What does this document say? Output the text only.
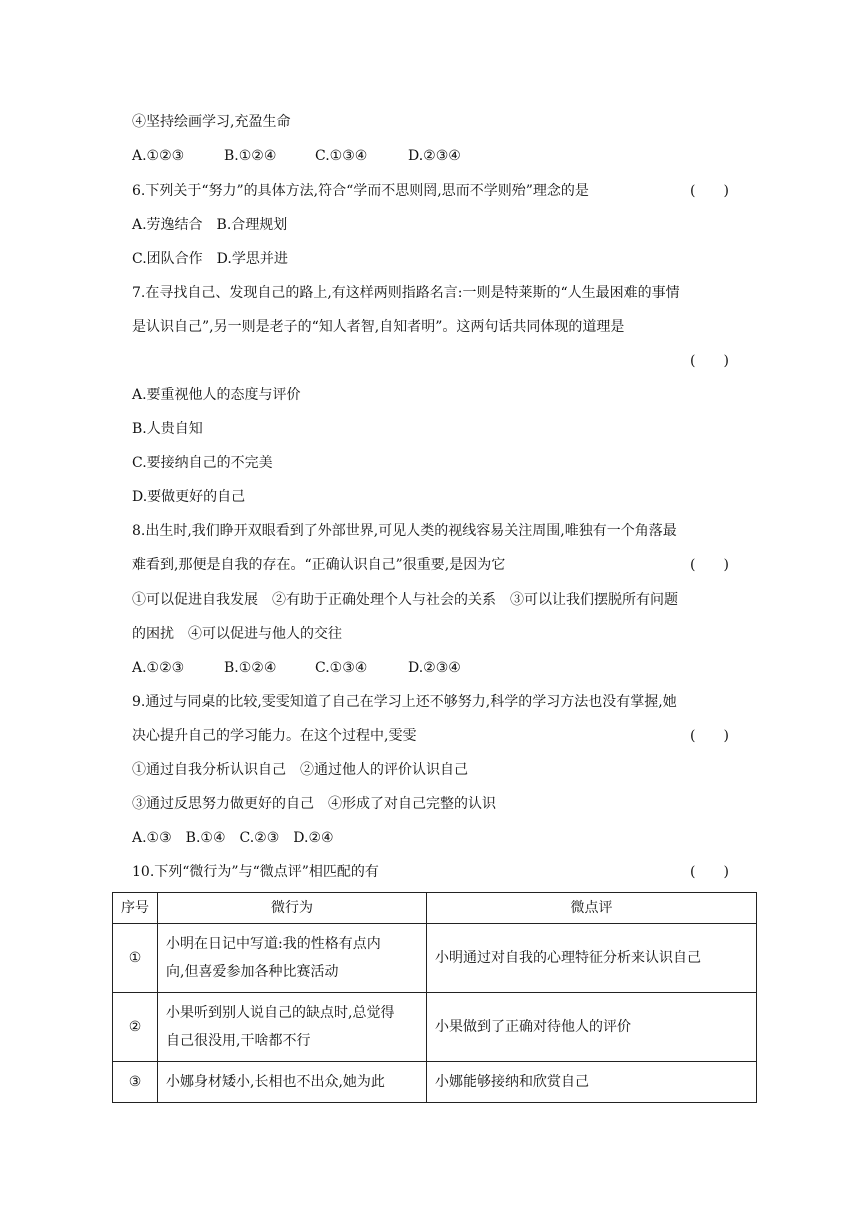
④坚持绘画学习,充盈生命
A.①②③	B.①②④	C.①③④	D.②③④
6.下列关于“努力”的具体方法,符合“学而不思则罔,思而不学则殆”理念的是	(　　)
A.劳逸结合　B.合理规划
C.团队合作　D.学思并进
7.在寻找自己、发现自己的路上,有这样两则指路名言:一则是特莱斯的“人生最困难的事情
是认识自己”,另一则是老子的“知人者智,自知者明”。这两句话共同体现的道理是
(　　)
A.要重视他人的态度与评价
B.人贵自知
C.要接纳自己的不完美
D.要做更好的自己
8.出生时,我们睁开双眼看到了外部世界,可见人类的视线容易关注周围,唯独有一个角落最
难看到,那便是自我的存在。“正确认识自己”很重要,是因为它	(　　)
①可以促进自我发展　②有助于正确处理个人与社会的关系　③可以让我们摆脱所有问题
的困扰　④可以促进与他人的交往
A.①②③	B.①②④	C.①③④	D.②③④
9.通过与同桌的比较,雯雯知道了自己在学习上还不够努力,科学的学习方法也没有掌握,她
决心提升自己的学习能力。在这个过程中,雯雯	(　　)
①通过自我分析认识自己　②通过他人的评价认识自己
③通过反思努力做更好的自己　④形成了对自己完整的认识
A.①③　B.①④　C.②③　D.②④
10.下列“微行为”与“微点评”相匹配的有	(　　)
序号	微行为	微点评
①	小明在日记中写道:我的性格有点内
向,但喜爱参加各种比赛活动	小明通过对自我的心理特征分析来认识自己
②	小果听到别人说自己的缺点时,总觉得
自己很没用,干啥都不行	小果做到了正确对待他人的评价
③	小娜身材矮小,长相也不出众,她为此	小娜能够接纳和欣赏自己
